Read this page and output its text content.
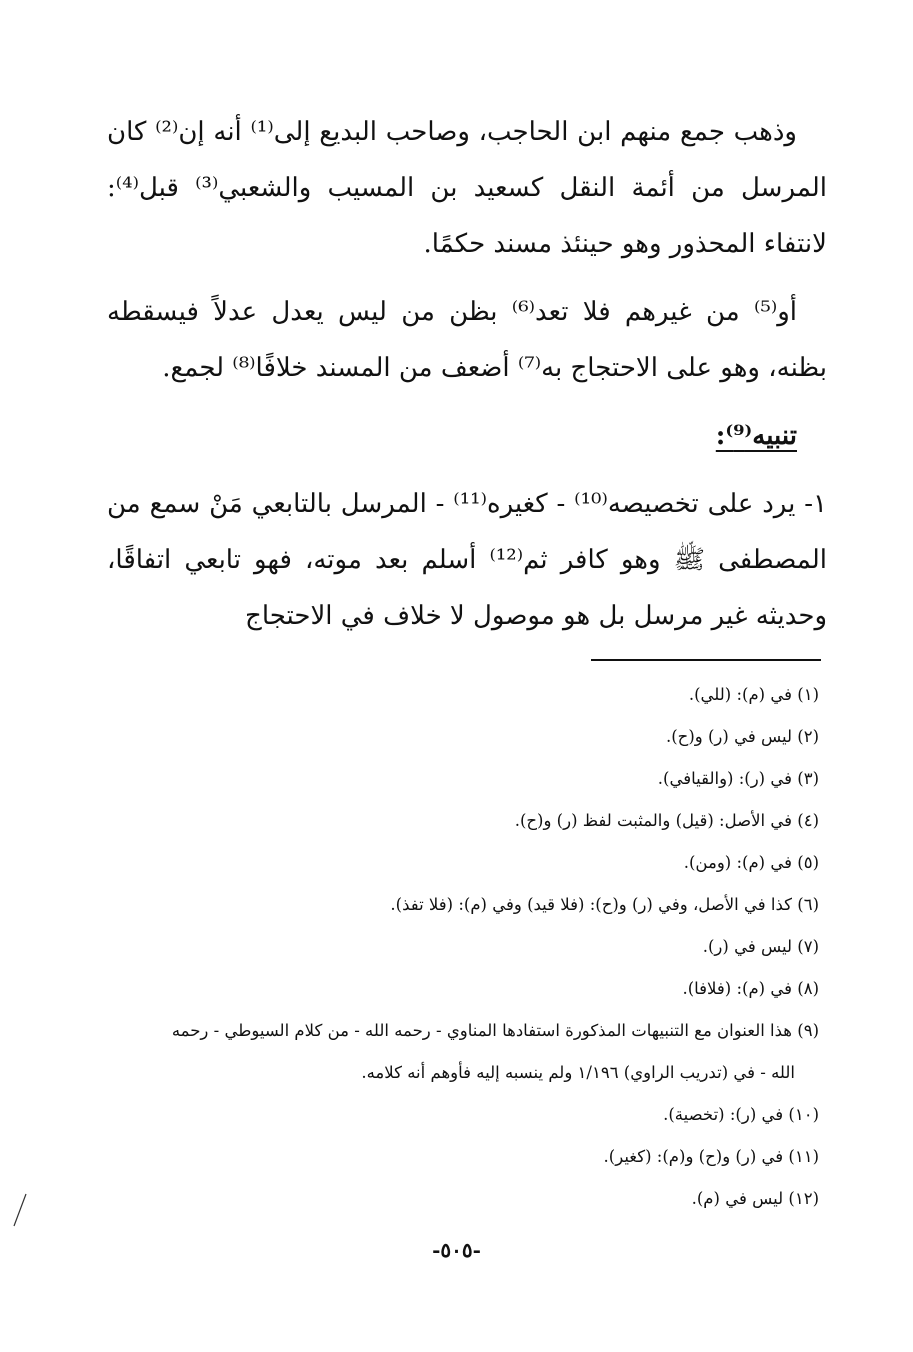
وذهب جمع منهم ابن الحاجب، وصاحب البديع إلى⁽¹⁾ أنه إن⁽²⁾ كان المرسل من أئمة النقل كسعيد بن المسيب والشعبي⁽³⁾ قبل⁽⁴⁾: لانتفاء المحذور وهو حينئذ مسند حكمًا.

أو⁽⁵⁾ من غيرهم فلا تعد⁽⁶⁾ بظن من ليس يعدل عدلاً فيسقطه بظنه، وهو على الاحتجاج به⁽⁷⁾ أضعف من المسند خلافًا⁽⁸⁾ لجمع.

تنبيه⁽⁹⁾:

١- يرد على تخصيصه⁽¹⁰⁾ - كغيره⁽¹¹⁾ - المرسل بالتابعي مَنْ سمع من المصطفى ﷺ وهو كافر ثم⁽¹²⁾ أسلم بعد موته، فهو تابعي اتفاقًا، وحديثه غير مرسل بل هو موصول لا خلاف في الاحتجاج

(١) في (م): (للي).

(٢) ليس في (ر) و(ح).

(٣) في (ر): (والقيافي).

(٤) في الأصل: (قيل) والمثبت لفظ (ر) و(ح).

(٥) في (م): (ومن).

(٦) كذا في الأصل، وفي (ر) و(ح): (فلا قيد) وفي (م): (فلا تفذ).

(٧) ليس في (ر).

(٨) في (م): (فلافا).

(٩) هذا العنوان مع التنبيهات المذكورة استفادها المناوي - رحمه الله - من كلام السيوطي - رحمه

الله - في (تدريب الراوي) ١/١٩٦ ولم ينسبه إليه فأوهم أنه كلامه.

(١٠) في (ر): (تخصية).

(١١) في (ر) و(ح) و(م): (كغير).

(١٢) ليس في (م).

-٥٠٥-
